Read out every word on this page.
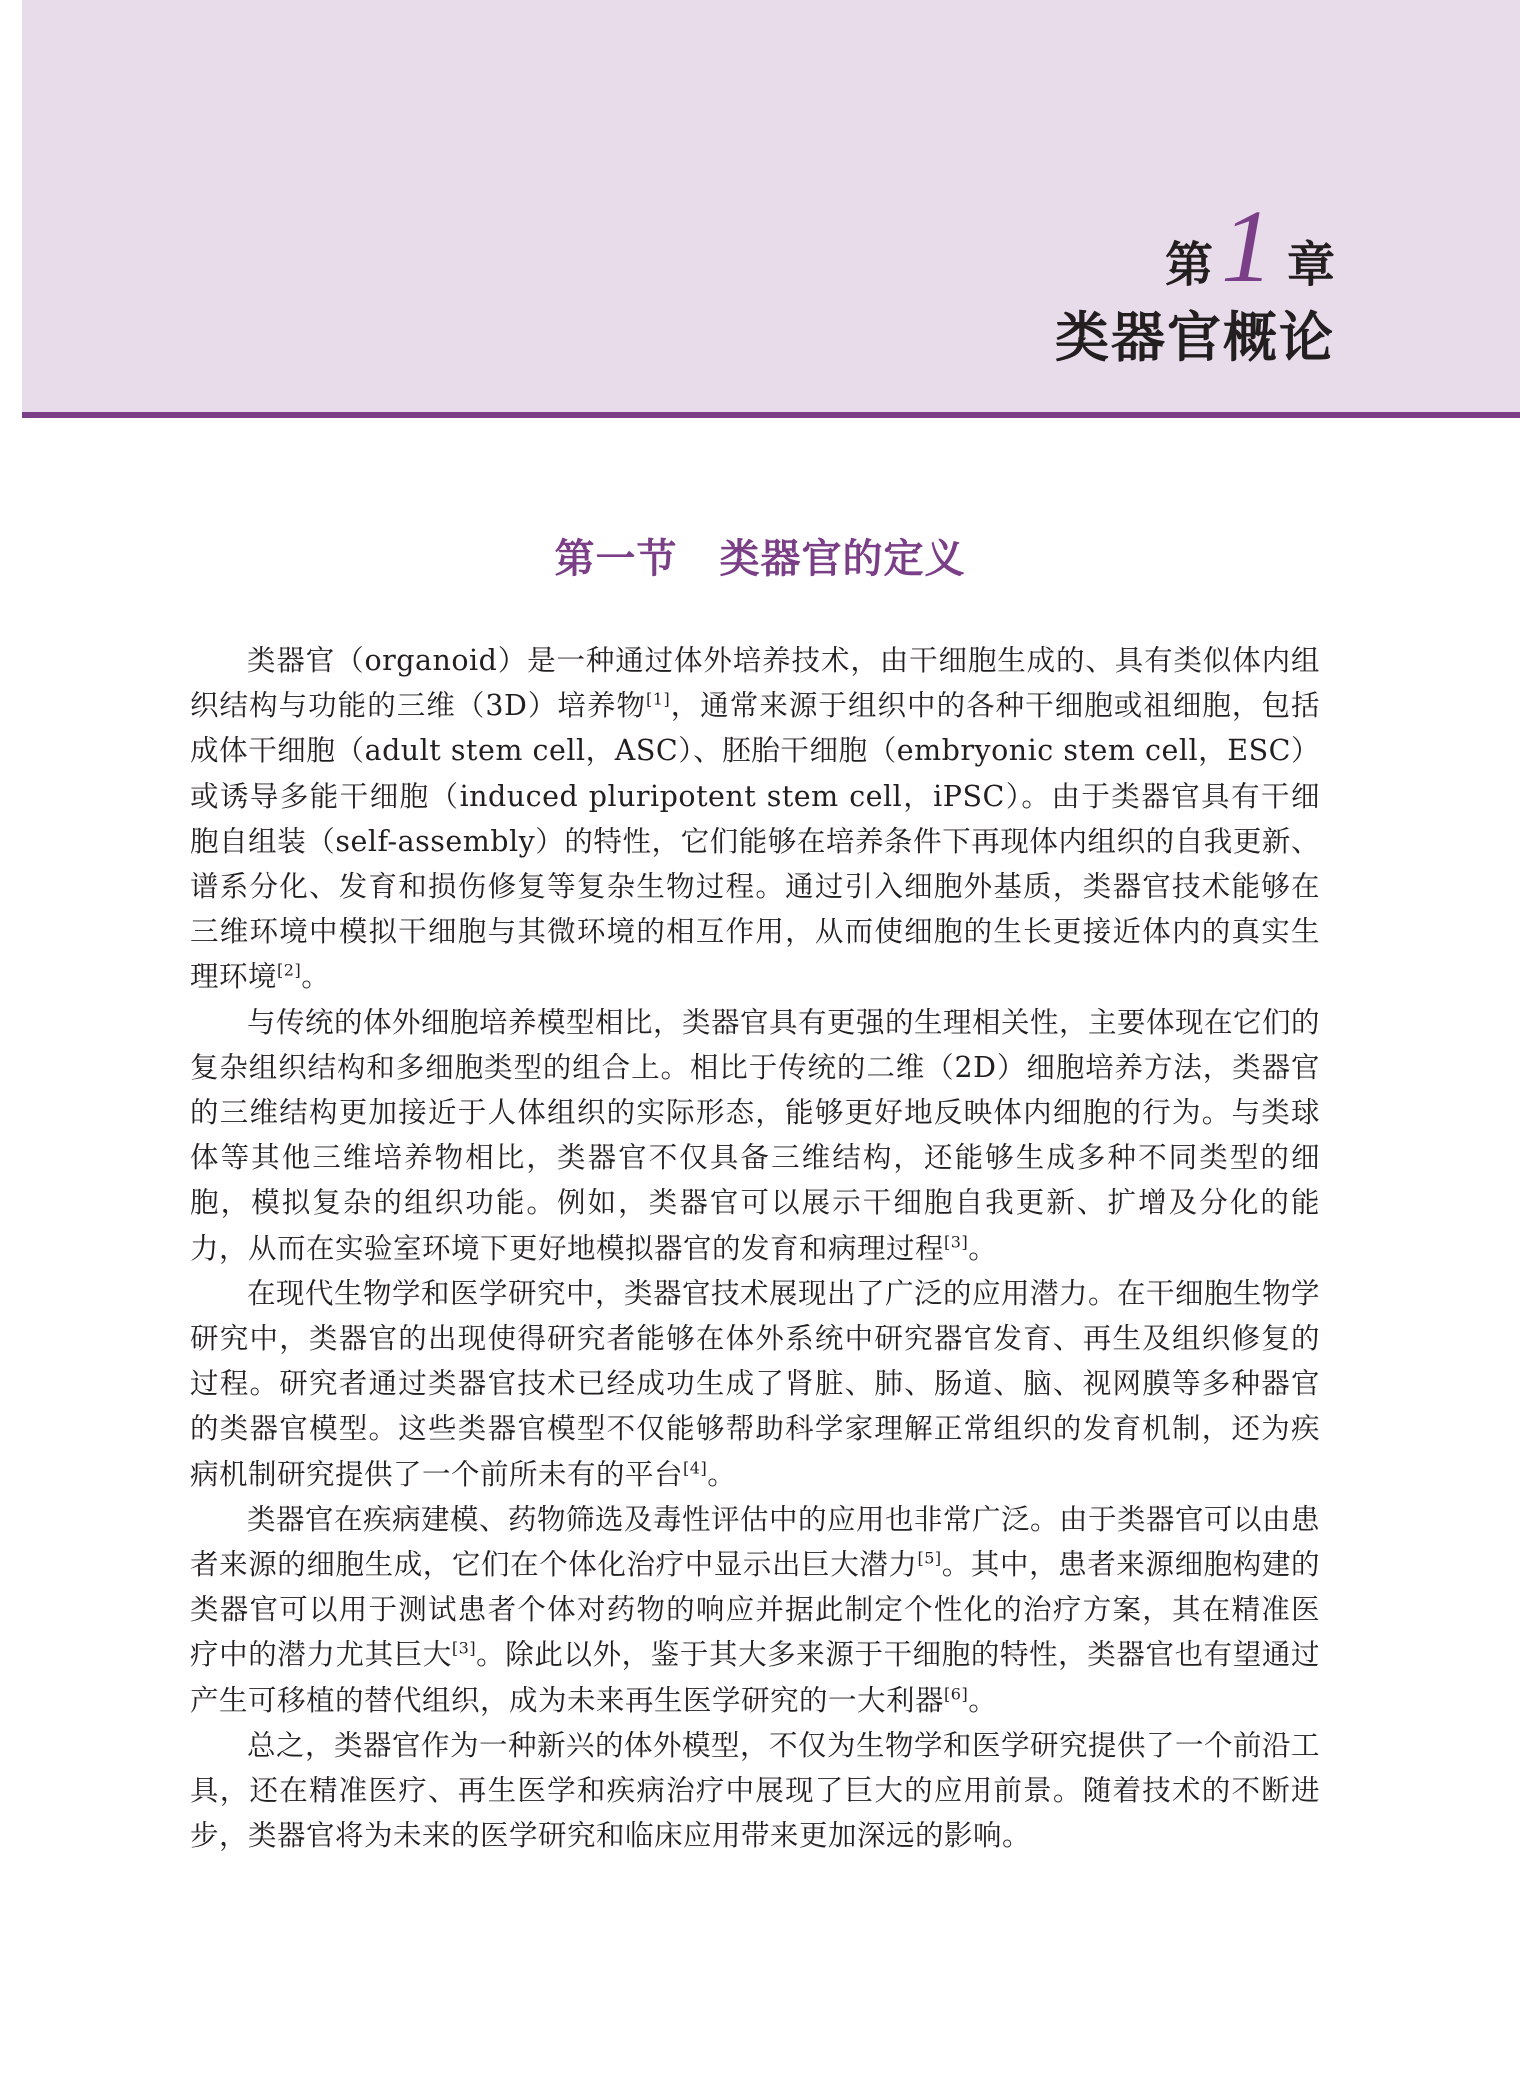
第1 章
类器官概论
第一节 类器官的定义

类器官（organoid）是一种通过体外培养技术，由干细胞生成的、具有类似体内组织结构与功能的三维（3D）培养物[1]，通常来源于组织中的各种干细胞或祖细胞，包括成体干细胞（adult stem cell，ASC）、胚胎干细胞（embryonic stem cell，ESC）或诱导多能干细胞（induced pluripotent stem cell，iPSC）。由于类器官具有干细胞自组装（self-assembly）的特性，它们能够在培养条件下再现体内组织的自我更新、谱系分化、发育和损伤修复等复杂生物过程。通过引入细胞外基质，类器官技术能够在三维环境中模拟干细胞与其微环境的相互作用，从而使细胞的生长更接近体内的真实生理环境[2]。

与传统的体外细胞培养模型相比，类器官具有更强的生理相关性，主要体现在它们的复杂组织结构和多细胞类型的组合上。相比于传统的二维（2D）细胞培养方法，类器官的三维结构更加接近于人体组织的实际形态，能够更好地反映体内细胞的行为。与类球体等其他三维培养物相比，类器官不仅具备三维结构，还能够生成多种不同类型的细胞，模拟复杂的组织功能。例如，类器官可以展示干细胞自我更新、扩增及分化的能力，从而在实验室环境下更好地模拟器官的发育和病理过程[3]。

在现代生物学和医学研究中，类器官技术展现出了广泛的应用潜力。在干细胞生物学研究中，类器官的出现使得研究者能够在体外系统中研究器官发育、再生及组织修复的过程。研究者通过类器官技术已经成功生成了肾脏、肺、肠道、脑、视网膜等多种器官的类器官模型。这些类器官模型不仅能够帮助科学家理解正常组织的发育机制，还为疾病机制研究提供了一个前所未有的平台[4]。

类器官在疾病建模、药物筛选及毒性评估中的应用也非常广泛。由于类器官可以由患者来源的细胞生成，它们在个体化治疗中显示出巨大潜力[5]。其中，患者来源细胞构建的类器官可以用于测试患者个体对药物的响应并据此制定个性化的治疗方案，其在精准医疗中的潜力尤其巨大[3]。除此以外，鉴于其大多来源于干细胞的特性，类器官也有望通过产生可移植的替代组织，成为未来再生医学研究的一大利器[6]。

总之，类器官作为一种新兴的体外模型，不仅为生物学和医学研究提供了一个前沿工具，还在精准医疗、再生医学和疾病治疗中展现了巨大的应用前景。随着技术的不断进步，类器官将为未来的医学研究和临床应用带来更加深远的影响。
